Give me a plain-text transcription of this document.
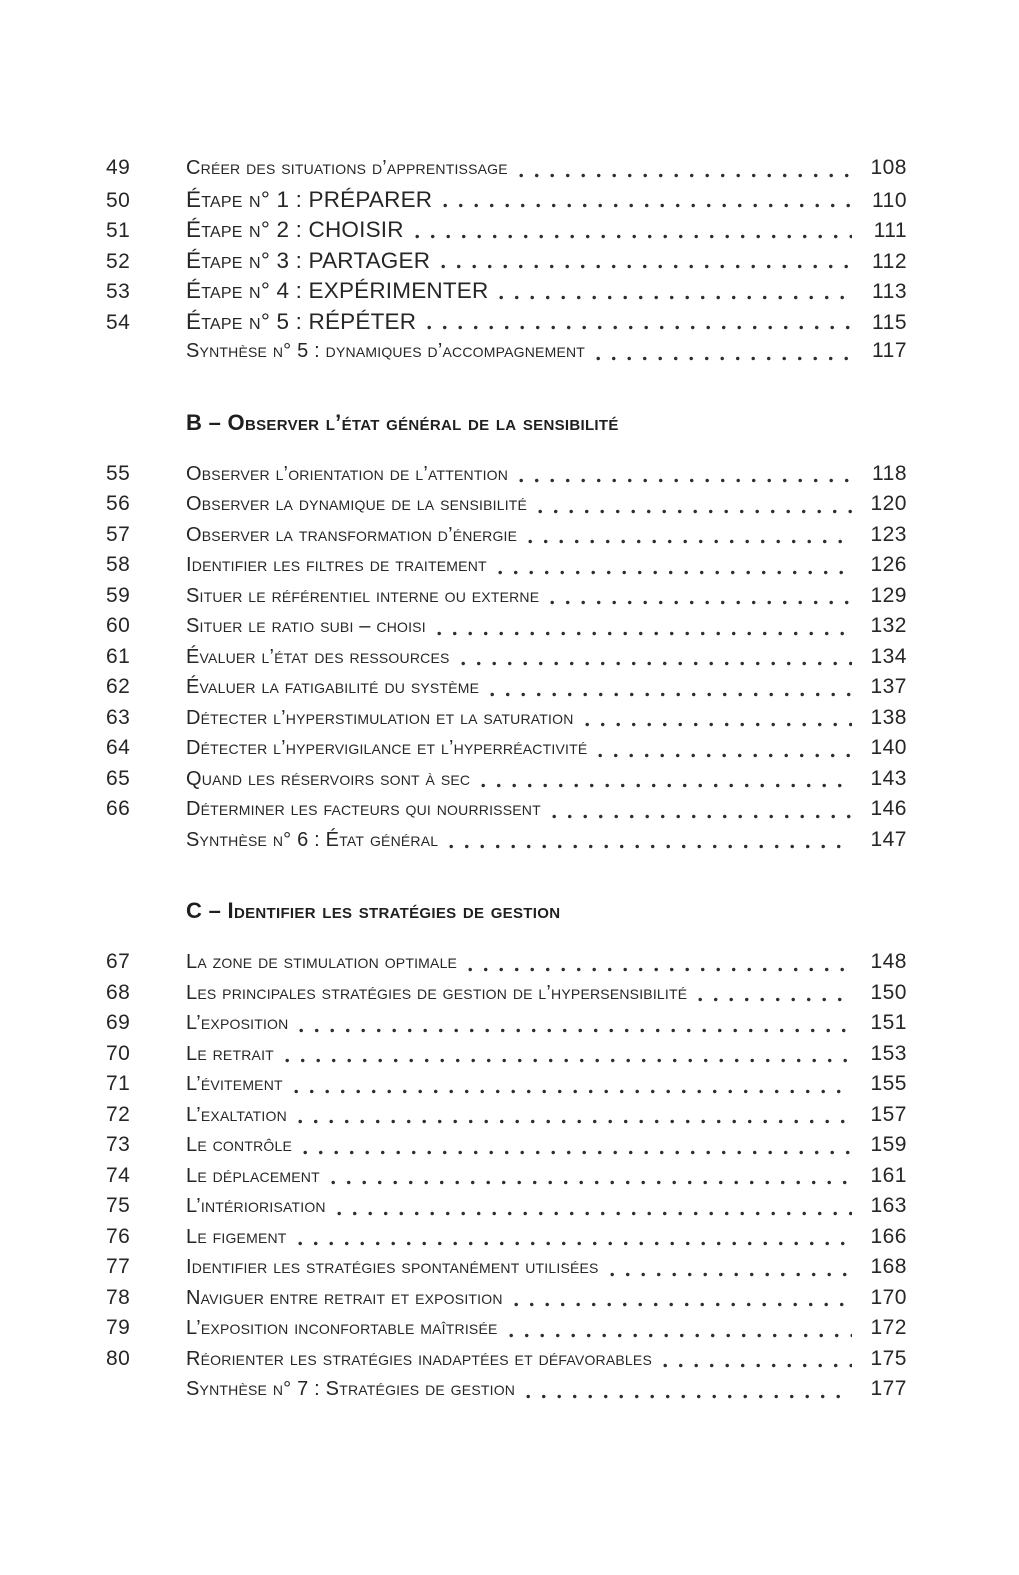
49	Créer des situations d’apprentissage	108
50	Étape n° 1 : PRÉPARER	110
51	Étape n° 2 : CHOISIR	111
52	Étape n° 3 : PARTAGER	112
53	Étape n° 4 : EXPÉRIMENTER	113
54	Étape n° 5 : RÉPÉTER	115
Synthèse n° 5 : dynamiques d’accompagnement	117
B – Observer l’état général de la sensibilité
55	Observer l’orientation de l’attention	118
56	Observer la dynamique de la sensibilité	120
57	Observer la transformation d’énergie	123
58	Identifier les filtres de traitement	126
59	Situer le référentiel interne ou externe	129
60	Situer le ratio subi – choisi	132
61	Évaluer l’état des ressources	134
62	Évaluer la fatigabilité du système	137
63	Détecter l’hyperstimulation et la saturation	138
64	Détecter l’hypervigilance et l’hyperréactivité	140
65	Quand les réservoirs sont à sec	143
66	Déterminer les facteurs qui nourrissent	146
Synthèse n° 6 : État général	147
C – Identifier les stratégies de gestion
67	La zone de stimulation optimale	148
68	Les principales stratégies de gestion de l’hypersensibilité	150
69	L’exposition	151
70	Le retrait	153
71	L’évitement	155
72	L’exaltation	157
73	Le contrôle	159
74	Le déplacement	161
75	L’intériorisation	163
76	Le figement	166
77	Identifier les stratégies spontanément utilisées	168
78	Naviguer entre retrait et exposition	170
79	L’exposition inconfortable maîtrisée	172
80	Réorienter les stratégies inadaptées et défavorables	175
Synthèse n° 7 : Stratégies de gestion	177
